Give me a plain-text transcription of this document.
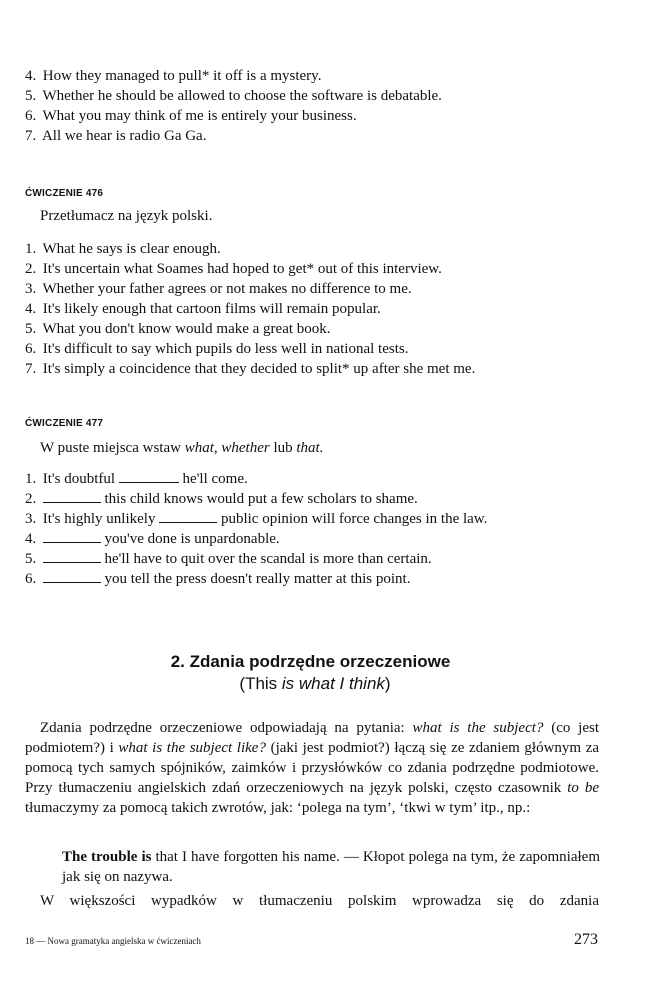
4. How they managed to pull* it off is a mystery.
5. Whether he should be allowed to choose the software is debatable.
6. What you may think of me is entirely your business.
7. All we hear is radio Ga Ga.
ĆWICZENIE 476
Przetłumacz na język polski.
1. What he says is clear enough.
2. It's uncertain what Soames had hoped to get* out of this interview.
3. Whether your father agrees or not makes no difference to me.
4. It's likely enough that cartoon films will remain popular.
5. What you don't know would make a great book.
6. It's difficult to say which pupils do less well in national tests.
7. It's simply a coincidence that they decided to split* up after she met me.
ĆWICZENIE 477
W puste miejsca wstaw what, whether lub that.
1. It's doubtful	he'll come.
2.	this child knows would put a few scholars to shame.
3. It's highly unlikely	public opinion will force changes in the law.
4.	you've done is unpardonable.
5.	he'll have to quit over the scandal is more than certain.
6.	you tell the press doesn't really matter at this point.
2. Zdania podrzędne orzeczeniowe
(This is what I think)
Zdania podrzędne orzeczeniowe odpowiadają na pytania: what is the subject? (co jest podmiotem?) i what is the subject like? (jaki jest podmiot?) łączą się ze zdaniem głównym za pomocą tych samych spójników, zaimków i przysłówków co zdania podrzędne podmiotowe. Przy tłumaczeniu angielskich zdań orzeczeniowych na język polski, często czasownik to be tłumaczymy za pomocą takich zwrotów, jak: ‘polega na tym’, ‘tkwi w tym’ itp., np.:
The trouble is that I have forgotten his name. — Kłopot polega na tym, że zapomniałem jak się on nazywa.
W większości wypadków w tłumaczeniu polskim wprowadza się do zdania
18 — Nowa gramatyka angielska w ćwiczeniach	273
